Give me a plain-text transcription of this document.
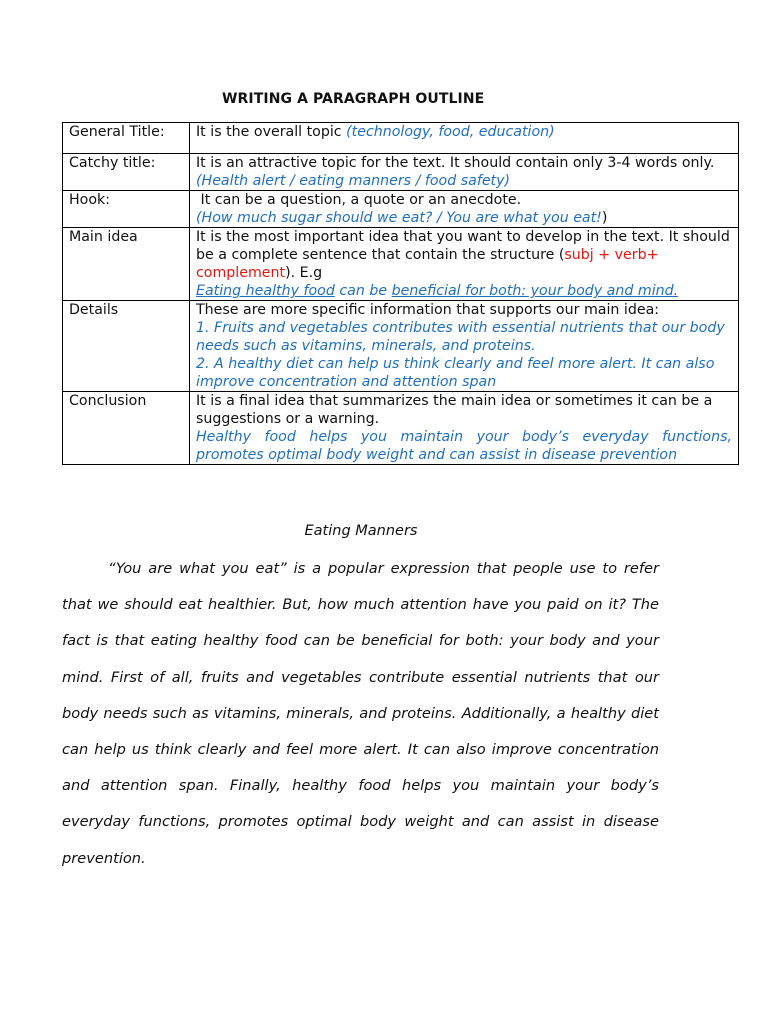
WRITING A PARAGRAPH OUTLINE
General Title:	It is the overall topic (technology, food, education)
Catchy title:	It is an attractive topic for the text. It should contain only 3-4 words only. (Health alert / eating manners / food safety)
Hook:	It can be a question, a quote or an anecdote.
(How much sugar should we eat? / You are what you eat!)

Main idea	It is the most important idea that you want to develop in the text. It should be a complete sentence that contain the structure (subj + verb+ complement). E.g
Eating healthy food can be beneficial for both: your body and mind.

Details	These are more specific information that supports our main idea:
1. Fruits and vegetables contributes with essential nutrients that our body needs such as vitamins, minerals, and proteins.
2. A healthy diet can help us think clearly and feel more alert. It can also improve concentration and attention span

Conclusion	It is a final idea that summarizes the main idea or sometimes it can be a suggestions or a warning.
Healthy food helps you maintain your body’s everyday functions,
promotes optimal body weight and can assist in disease prevention
Eating Manners

“You are what you eat” is a popular expression that people use to refer that we should eat healthier. But, how much attention have you paid on it? The fact is that eating healthy food can be beneficial for both: your body and your mind. First of all, fruits and vegetables contribute essential nutrients that our body needs such as vitamins, minerals, and proteins. Additionally, a healthy diet can help us think clearly and feel more alert. It can also improve concentration and attention span. Finally, healthy food helps you maintain your body’s everyday functions, promotes optimal body weight and can assist in disease prevention.
